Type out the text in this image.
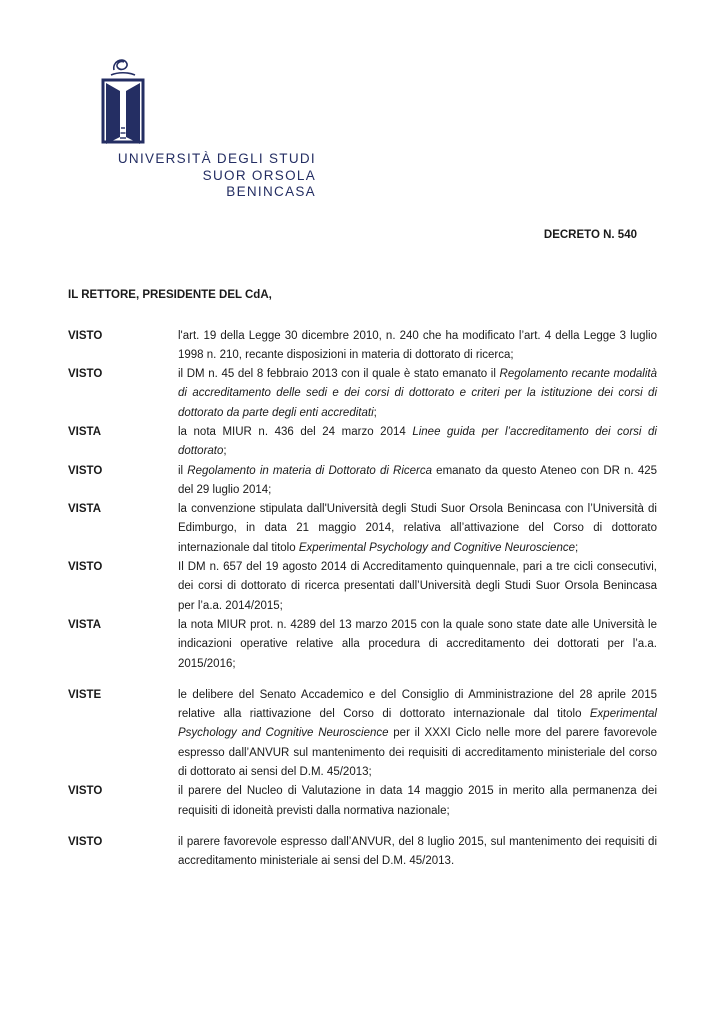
UNIVERSITÀ DEGLI STUDI
SUOR ORSOLA
BENINCASA
DECRETO N. 540
IL RETTORE, PRESIDENTE DEL CdA,
VISTO	l'art. 19 della Legge 30 dicembre 2010, n. 240 che ha modificato l’art. 4 della Legge 3 luglio 1998 n. 210, recante disposizioni in materia di dottorato di ricerca;
VISTO	il DM n. 45 del 8 febbraio 2013 con il quale è stato emanato il Regolamento recante modalità di accreditamento delle sedi e dei corsi di dottorato e criteri per la istituzione dei corsi di dottorato da parte degli enti accreditati;
VISTA	la nota MIUR n. 436 del 24 marzo 2014 Linee guida per l’accreditamento dei corsi di dottorato;
VISTO	il Regolamento in materia di Dottorato di Ricerca emanato da questo Ateneo con DR n. 425 del 29 luglio 2014;
VISTA	la convenzione stipulata dall'Università degli Studi Suor Orsola Benincasa con l’Università di Edimburgo, in data 21 maggio 2014, relativa all’attivazione del Corso di dottorato internazionale dal titolo Experimental Psychology and Cognitive Neuroscience;
VISTO	Il DM n. 657 del 19 agosto 2014 di Accreditamento quinquennale, pari a tre cicli consecutivi, dei corsi di dottorato di ricerca presentati dall’Università degli Studi Suor Orsola Benincasa per l’a.a. 2014/2015;
VISTA	la nota MIUR prot. n. 4289 del 13 marzo 2015 con la quale sono state date alle Università le indicazioni operative relative alla procedura di accreditamento dei dottorati per l’a.a. 2015/2016;
VISTE	le delibere del Senato Accademico e del Consiglio di Amministrazione del 28 aprile 2015 relative alla riattivazione del Corso di dottorato internazionale dal titolo Experimental Psychology and Cognitive Neuroscience per il XXXI Ciclo nelle more del parere favorevole espresso dall’ANVUR sul mantenimento dei requisiti di accreditamento ministeriale del corso di dottorato ai sensi del D.M. 45/2013;
VISTO	il parere del Nucleo di Valutazione in data 14 maggio 2015 in merito alla permanenza dei requisiti di idoneità previsti dalla normativa nazionale;
VISTO	il parere favorevole espresso dall’ANVUR, del 8 luglio 2015, sul mantenimento dei requisiti di accreditamento ministeriale ai sensi del D.M. 45/2013.
